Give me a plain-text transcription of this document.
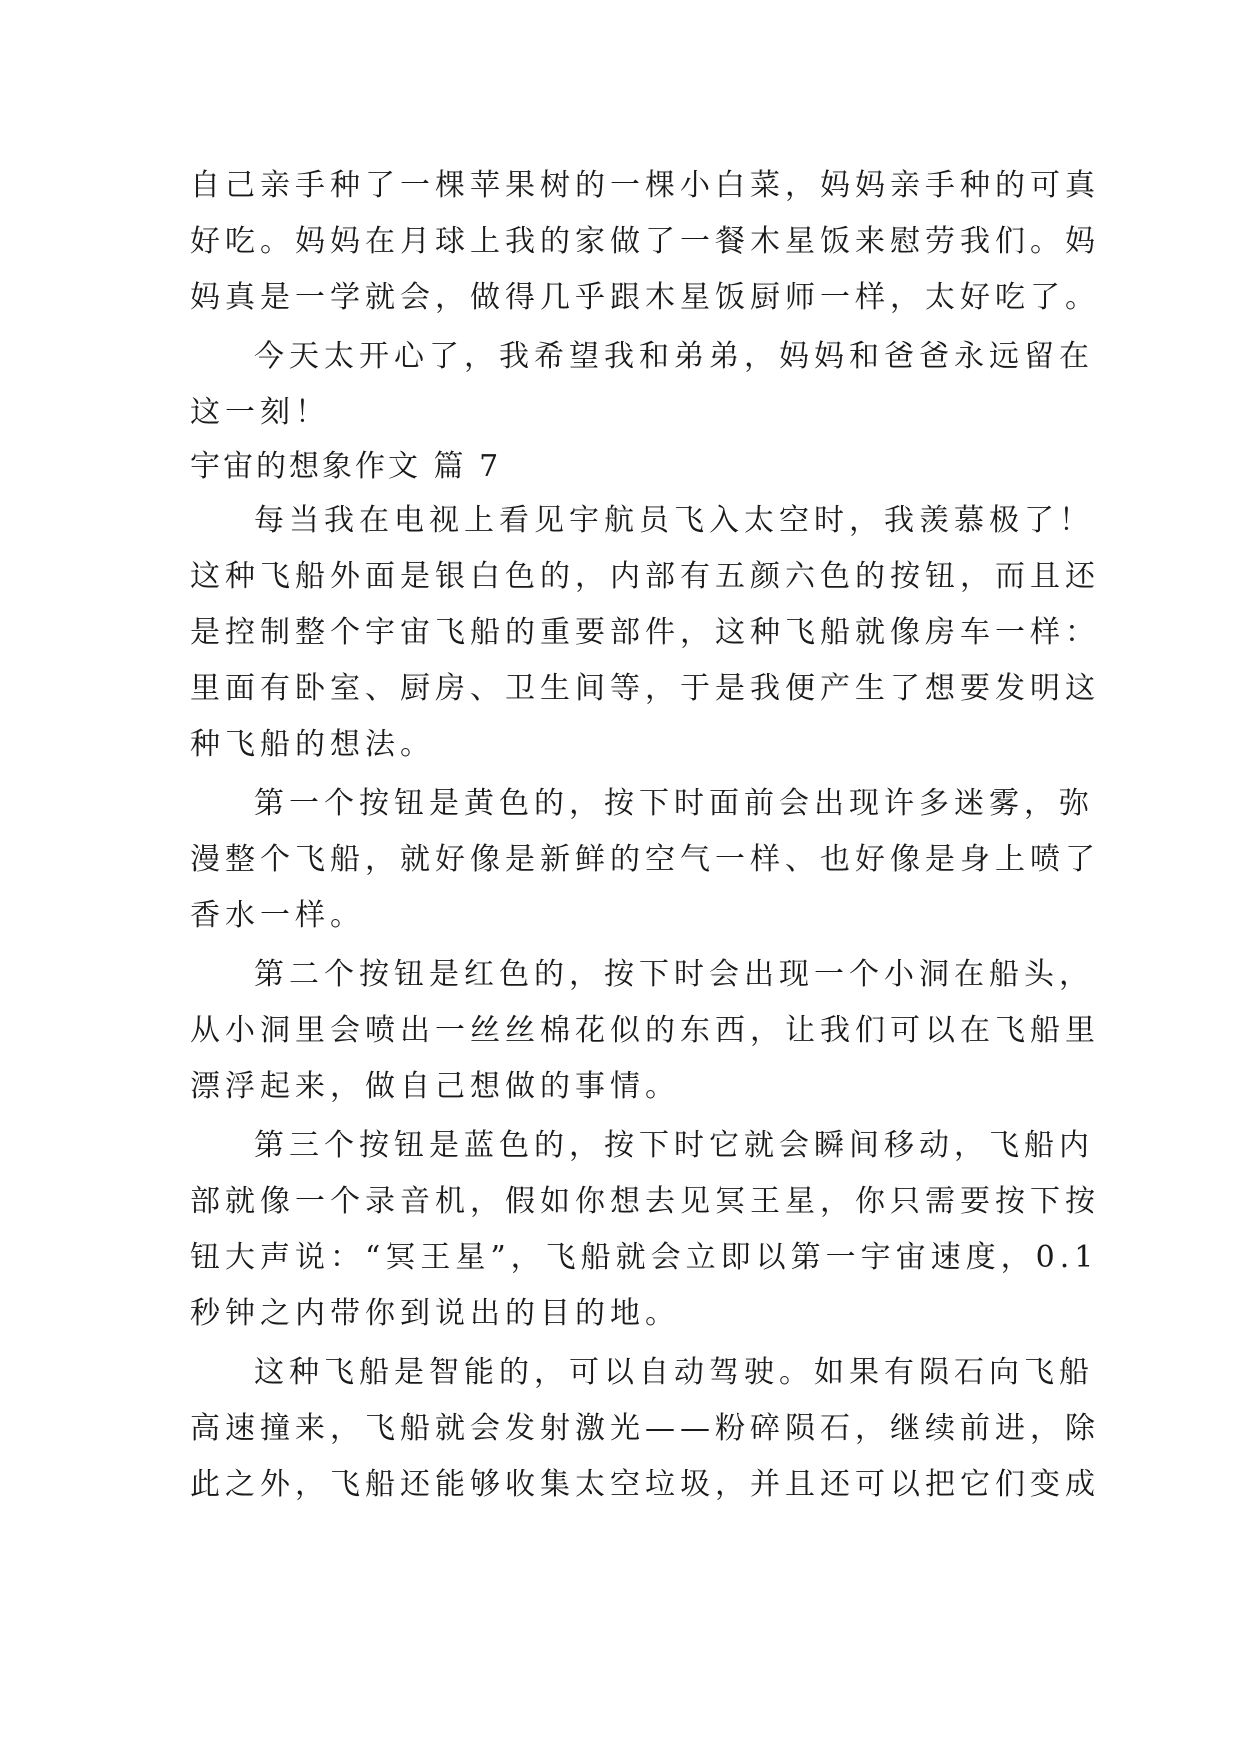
自己亲手种了一棵苹果树的一棵小白菜，妈妈亲手种的可真
好吃。妈妈在月球上我的家做了一餐木星饭来慰劳我们。妈
妈真是一学就会，做得几乎跟木星饭厨师一样，太好吃了。
今天太开心了，我希望我和弟弟，妈妈和爸爸永远留在
这一刻！
宇宙的想象作文 篇 7
每当我在电视上看见宇航员飞入太空时，我羡慕极了！
这种飞船外面是银白色的，内部有五颜六色的按钮，而且还
是控制整个宇宙飞船的重要部件，这种飞船就像房车一样：
里面有卧室、厨房、卫生间等，于是我便产生了想要发明这
种飞船的想法。
第一个按钮是黄色的，按下时面前会出现许多迷雾，弥
漫整个飞船，就好像是新鲜的空气一样、也好像是身上喷了
香水一样。
第二个按钮是红色的，按下时会出现一个小洞在船头，
从小洞里会喷出一丝丝棉花似的东西，让我们可以在飞船里
漂浮起来，做自己想做的事情。
第三个按钮是蓝色的，按下时它就会瞬间移动，飞船内
部就像一个录音机，假如你想去见冥王星，你只需要按下按
钮大声说：“冥王星”，飞船就会立即以第一宇宙速度，0.1
秒钟之内带你到说出的目的地。
这种飞船是智能的，可以自动驾驶。如果有陨石向飞船
高速撞来，飞船就会发射激光——粉碎陨石，继续前进，除
此之外，飞船还能够收集太空垃圾，并且还可以把它们变成
